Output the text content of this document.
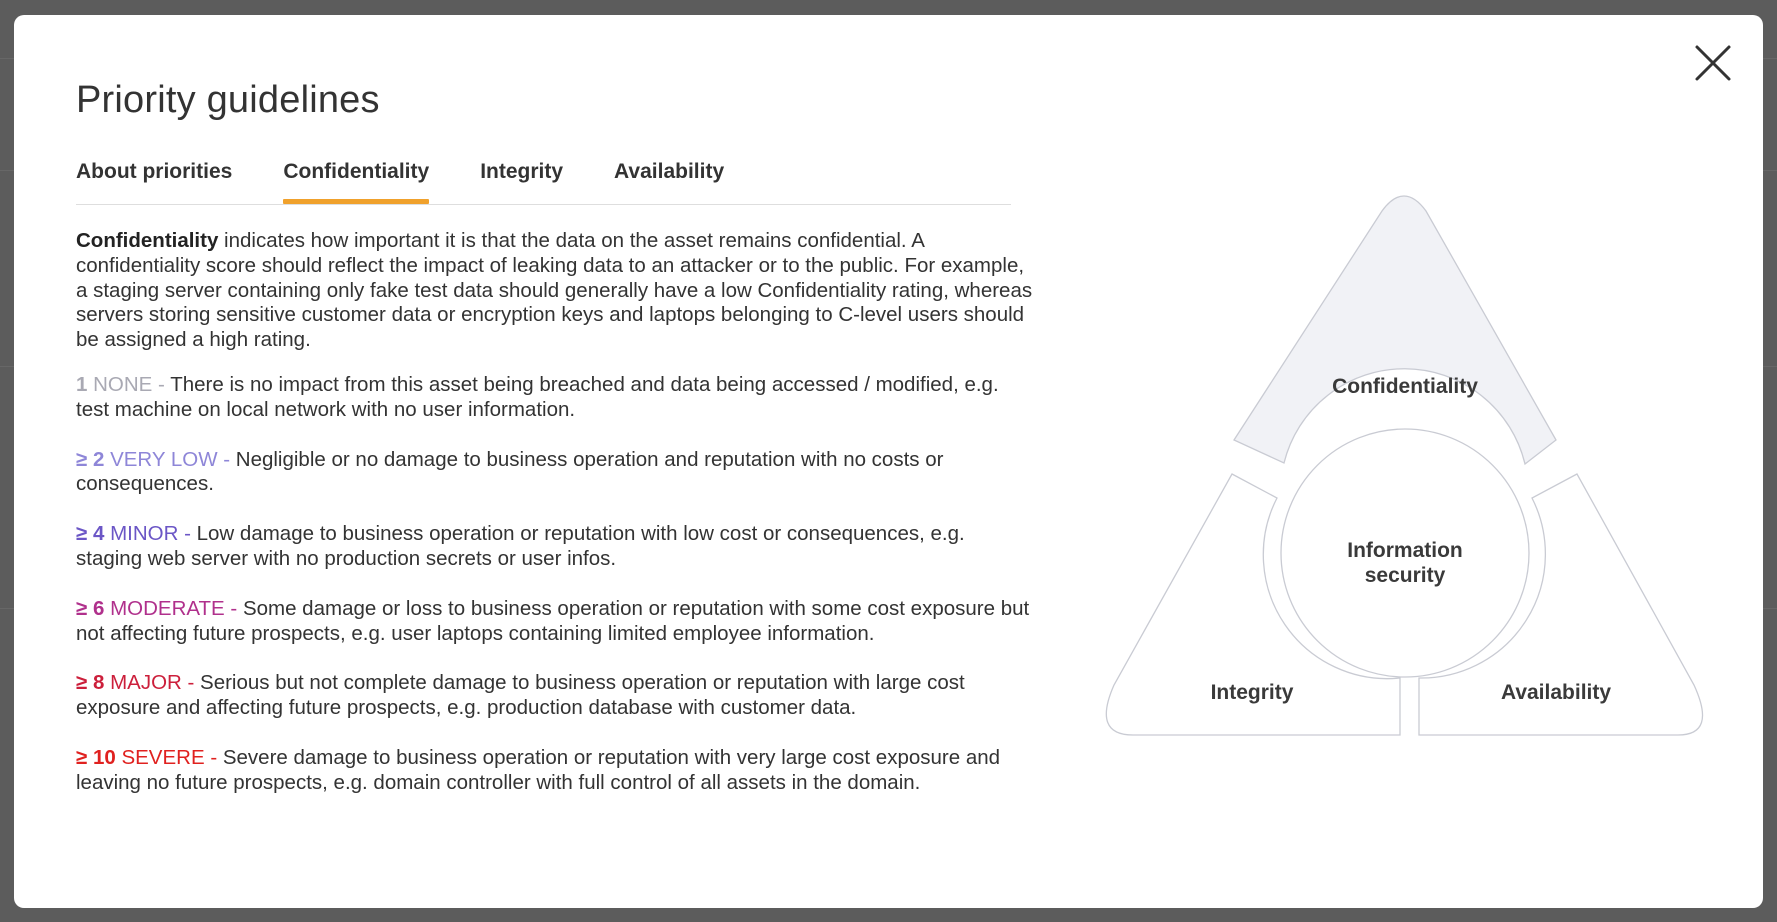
Priority guidelines
About priorities Confidentiality Integrity Availability

Confidentiality indicates how important it is that the data on the asset remains confidential. A confidentiality score should reflect the impact of leaking data to an attacker or to the public. For example, a staging server containing only fake test data should generally have a low Confidentiality rating, whereas servers storing sensitive customer data or encryption keys and laptops belonging to C-level users should be assigned a high rating.

1 NONE - There is no impact from this asset being breached and data being accessed / modified, e.g. test machine on local network with no user information.

≥ 2 VERY LOW - Negligible or no damage to business operation and reputation with no costs or consequences.

≥ 4 MINOR - Low damage to business operation or reputation with low cost or consequences, e.g. staging web server with no production secrets or user infos.

≥ 6 MODERATE - Some damage or loss to business operation or reputation with some cost exposure but not affecting future prospects, e.g. user laptops containing limited employee information.

≥ 8 MAJOR - Serious but not complete damage to business operation or reputation with large cost exposure and affecting future prospects, e.g. production database with customer data.

≥ 10 SEVERE - Severe damage to business operation or reputation with very large cost exposure and leaving no future prospects, e.g. domain controller with full control of all assets in the domain.

Confidentiality
Information
security
Integrity	Availability
